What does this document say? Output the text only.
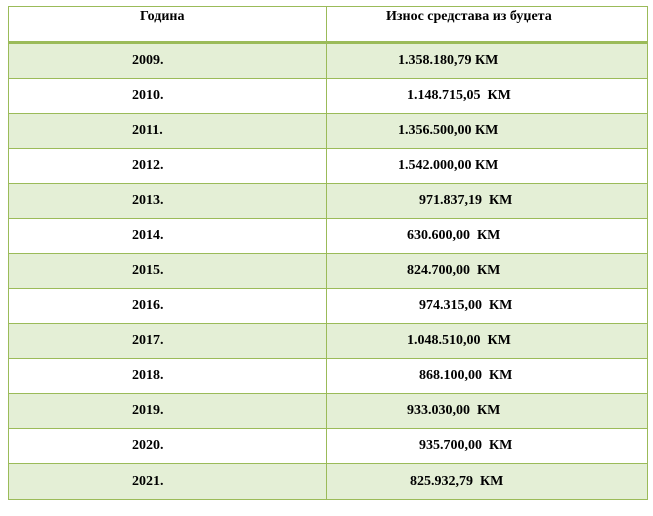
Година	Износ средстава из буџета
2009.	1.358.180,79 КМ
2010.	1.148.715,05  КМ
2011.	1.356.500,00 КМ
2012.	1.542.000,00 КМ
2013.	971.837,19  КМ
2014.	630.600,00  КМ
2015.	824.700,00  КМ
2016.	974.315,00  КМ
2017.	1.048.510,00  КМ
2018.	868.100,00  КМ
2019.	933.030,00  КМ
2020.	935.700,00  КМ
2021.	825.932,79  КМ
